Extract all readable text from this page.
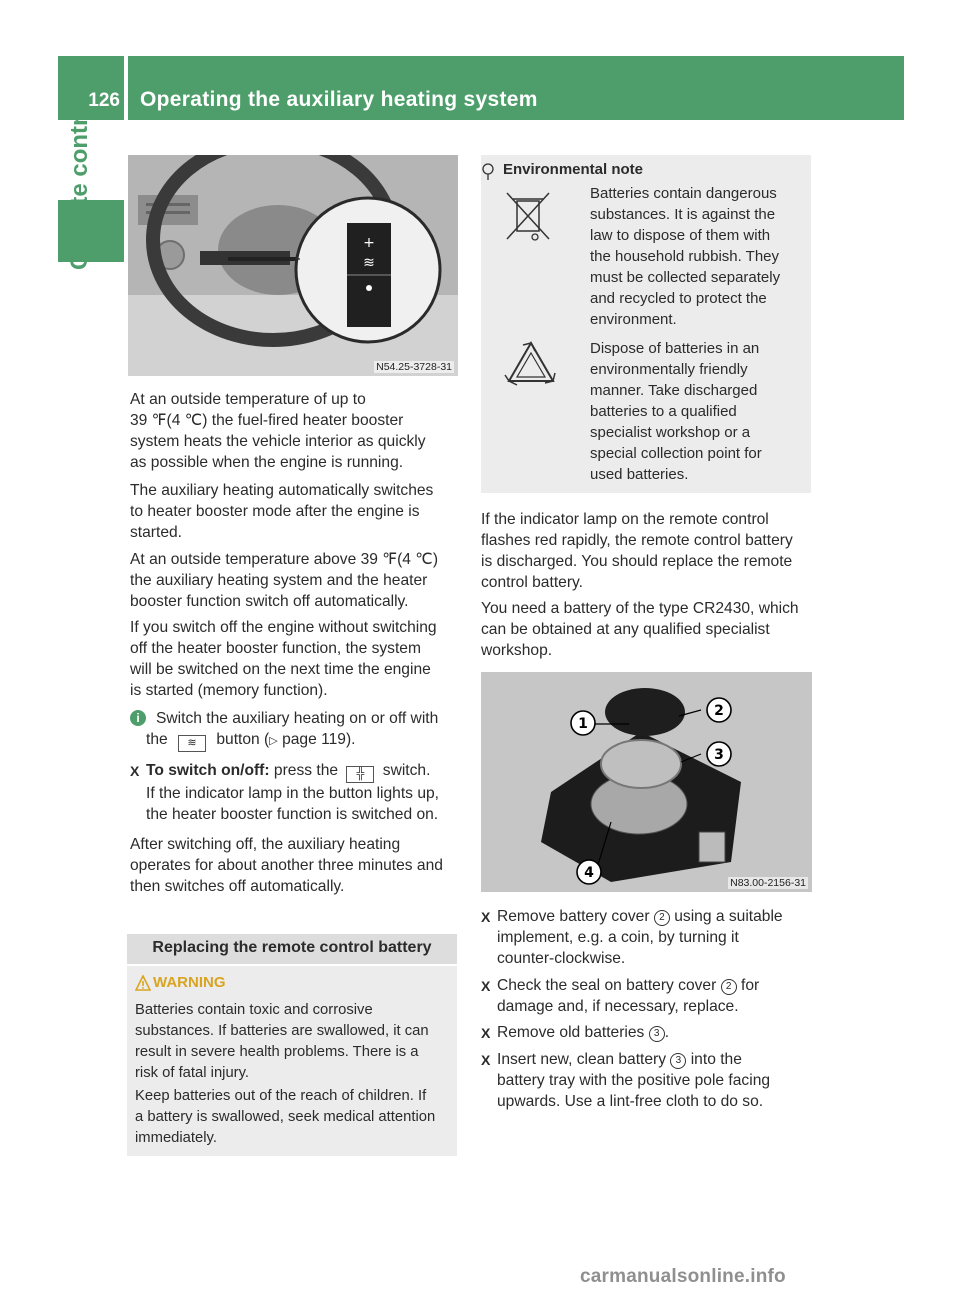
126 Operating the auxiliary heating system
Climate control	+
≋
N54.25-3728-31
At an outside temperature of up to
39 ℉(4 ℃) the fuel-fired heater booster
system heats the vehicle interior as quickly
as possible when the engine is running.
The auxiliary heating automatically switches
to heater booster mode after the engine is
started.
At an outside temperature above 39 ℉(4 ℃)
the auxiliary heating system and the heater
booster function switch off automatically.
If you switch off the engine without switching
off the heater booster function, the system
will be switched on the next time the engine
is started (memory function).
i	Switch the auxiliary heating on or off with
the ≋ button (▷ page 119).
X To switch on/off: press the ╬ switch.
If the indicator lamp in the button lights up,
the heater booster function is switched on.
After switching off, the auxiliary heating
operates for about another three minutes and
then switches off automatically.
Replacing the remote control battery
WARNING
Batteries contain toxic and corrosive
substances. If batteries are swallowed, it can
result in severe health problems. There is a
risk of fatal injury.
Keep batteries out of the reach of children. If
a battery is swallowed, seek medical attention
immediately.
Environmental note
Batteries contain dangerous
substances. It is against the
law to dispose of them with
the household rubbish. They
must be collected separately
and recycled to protect the
environment.
Dispose of batteries in an
environmentally friendly
manner. Take discharged
batteries to a qualified
specialist workshop or a
special collection point for
used batteries.
If the indicator lamp on the remote control
flashes red rapidly, the remote control battery
is discharged. You should replace the remote
control battery.
You need a battery of the type CR2430, which
can be obtained at any qualified specialist
workshop.
1
2
3
4
N83.00-2156-31
X Remove battery cover 2 using a suitable
implement, e.g. a coin, by turning it
counter-clockwise.
X Check the seal on battery cover 2 for
damage and, if necessary, replace.
X Remove old batteries 3 .
X Insert new, clean battery 3 into the
battery tray with the positive pole facing
upwards. Use a lint-free cloth to do so.
carmanualsonline.info
